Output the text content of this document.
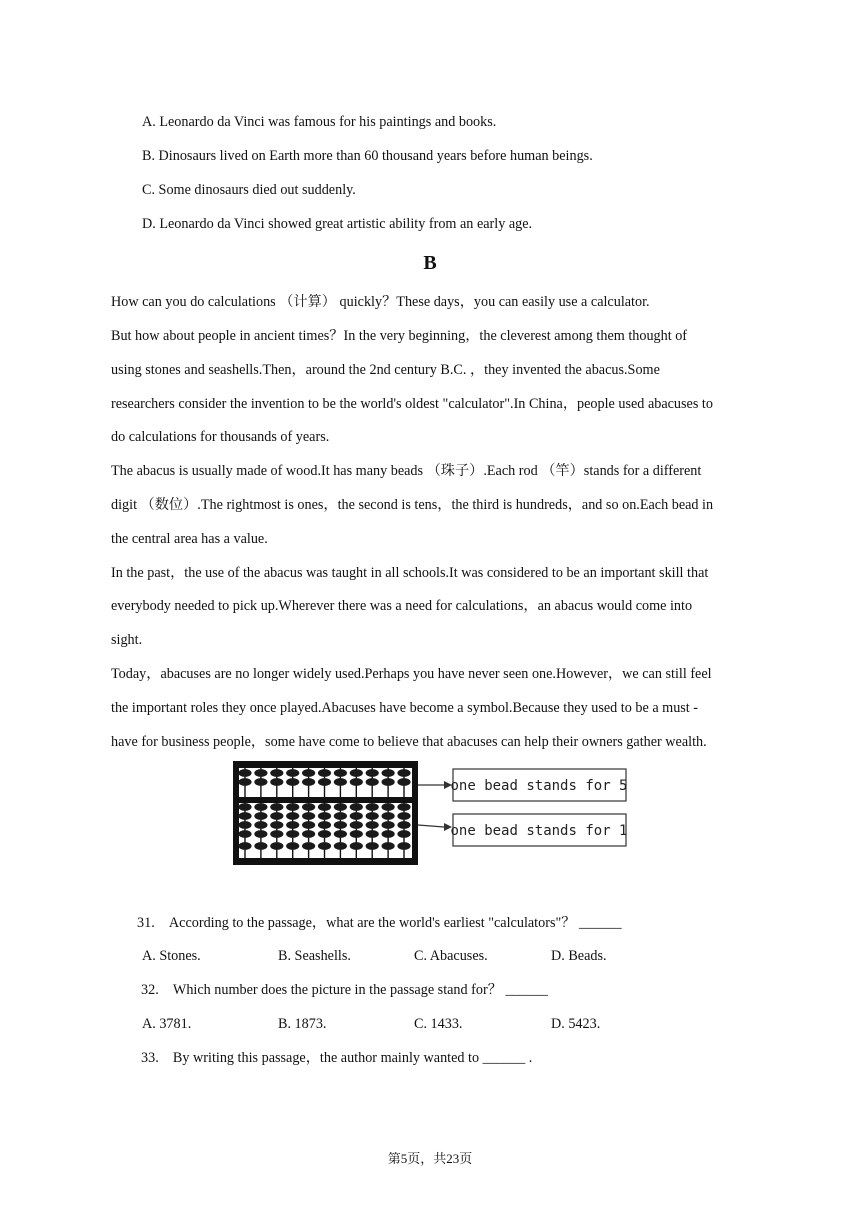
A. Leonardo da Vinci was famous for his paintings and books.
B. Dinosaurs lived on Earth more than 60 thousand years before human beings.
C. Some dinosaurs died out suddenly.
D. Leonardo da Vinci showed great artistic ability from an early age.
B
How can you do calculations （计算） quickly？These days，you can easily use a calculator.
But how about people in ancient times？In the very beginning，the cleverest among them thought of
using stones and seashells.Then，around the 2nd century B.C. ，they invented the abacus.Some
researchers consider the invention to be the world's oldest "calculator".In China，people used abacuses to
do calculations for thousands of years.
The abacus is usually made of wood.It has many beads （珠子）.Each rod （竿）stands for a different
digit （数位）.The rightmost is ones，the second is tens，the third is hundreds，and so on.Each bead in
the central area has a value.
In the past，the use of the abacus was taught in all schools.It was considered to be an important skill that
everybody needed to pick up.Wherever there was a need for calculations，an abacus would come into
sight.
Today，abacuses are no longer widely used.Perhaps you have never seen one.However，we can still feel
the important roles they once played.Abacuses have become a symbol.Because they used to be a must -
have for business people，some have come to believe that abacuses can help their owners gather wealth.
one bead stands for 5
one bead stands for 1
31.　According to the passage，what are the world's earliest "calculators"？ ______
A. Stones.	B. Seashells.	C. Abacuses.	D. Beads.
32.　Which number does the picture in the passage stand for？ ______
A. 3781.	B. 1873.	C. 1433.	D. 5423.
33.　By writing this passage，the author mainly wanted to ______ .
第5页，共23页
